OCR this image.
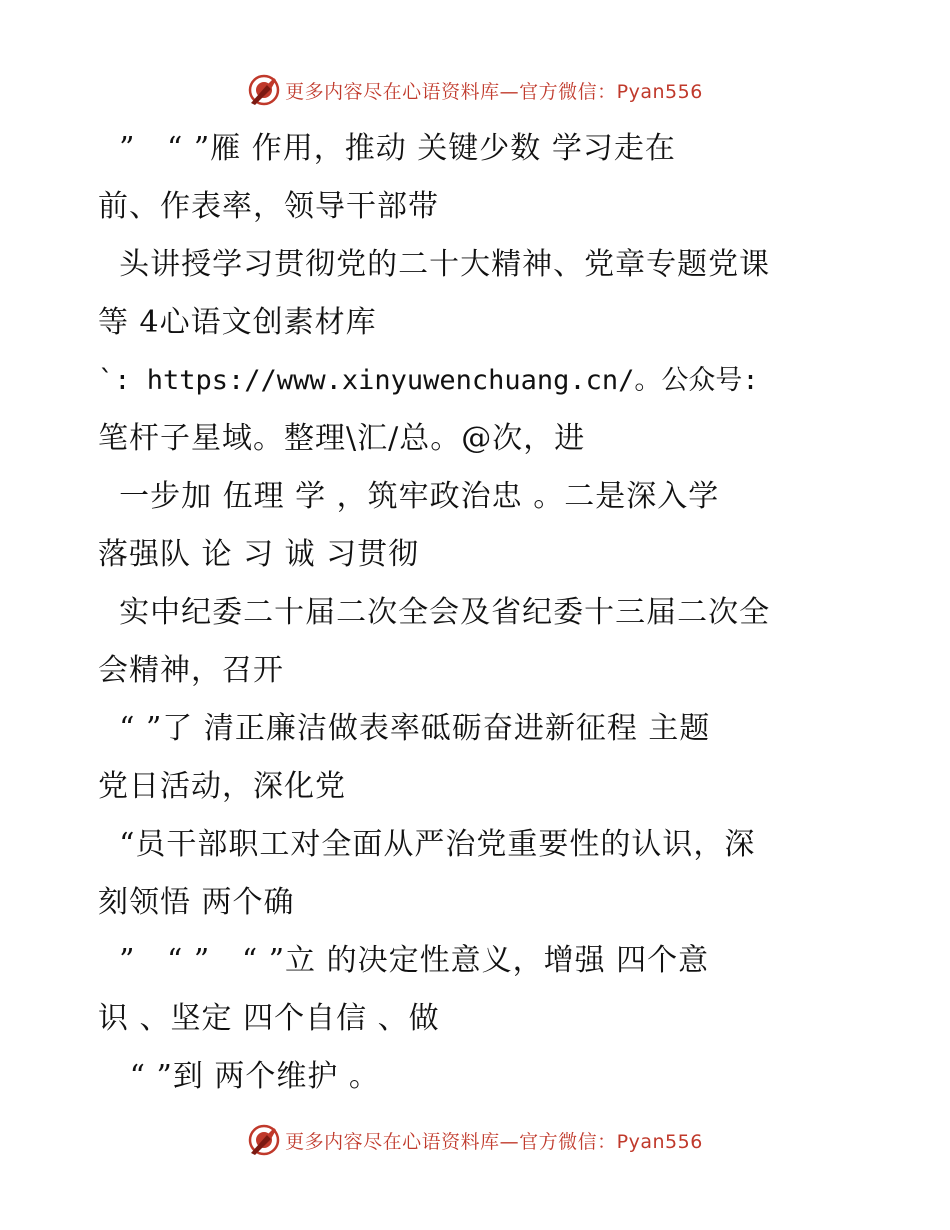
更多内容尽在心语资料库—官方微信：Pyan556
”   “ ”雁 作用，推动 关键少数 学习走在
前、作表率，领导干部带
头讲授学习贯彻党的二十大精神、党章专题党课
等 4心语文创素材库
`: https://www.xinyuwenchuang.cn/。公众号:
笔杆子星域。整理\汇/总。@次，进
一步加 伍理 学 ，筑牢政治忠 。二是深入学
落强队 论 习 诚 习贯彻
实中纪委二十届二次全会及省纪委十三届二次全
会精神，召开
“ ”了 清正廉洁做表率砥砺奋进新征程 主题
党日活动，深化党
“员干部职工对全面从严治党重要性的认识，深
刻领悟 两个确
”   “ ”   “ ”立 的决定性意义，增强 四个意
识 、坚定 四个自信 、做
“ ”到 两个维护 。
更多内容尽在心语资料库—官方微信：Pyan556
